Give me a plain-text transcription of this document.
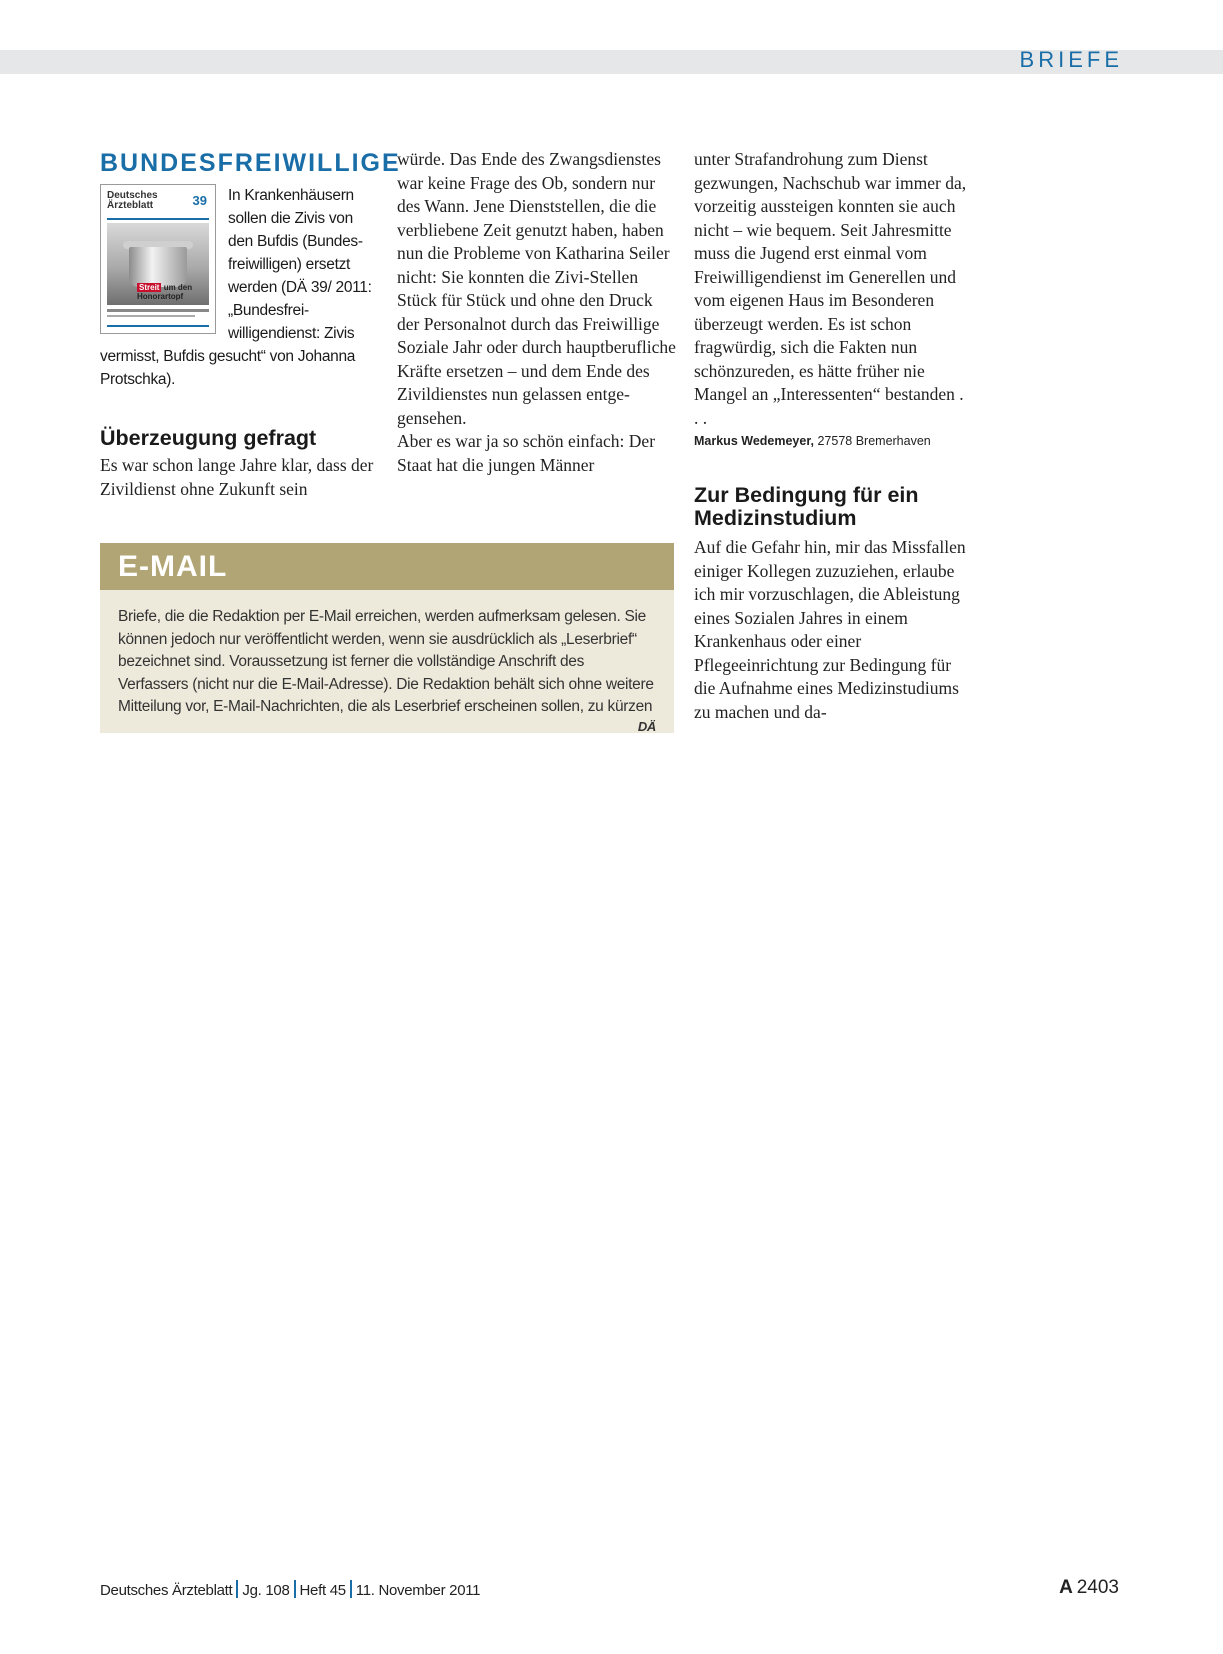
BRIEFE
BUNDESFREIWILLIGE
Deutsches Ärzteblatt	39
Streit um den Honorartopf

In Krankenhäusern sollen die Zivis von den Bufdis (Bundesfreiwilligen) ersetzt werden (DÄ 39/ 2011: „Bundesfreiwilligendienst: Zivis vermisst, Bufdis gesucht“ von Johanna Protschka).

Überzeugung gefragt

Es war schon lange Jahre klar, dass der Zivildienst ohne Zukunft sein

würde. Das Ende des Zwangsdienstes war keine Frage des Ob, sondern nur des Wann. Jene Dienststellen, die die verbliebene Zeit genutzt haben, haben nun die Probleme von Katharina Seiler nicht: Sie konnten die Zivi-Stellen Stück für Stück und ohne den Druck der Personalnot durch das Freiwillige Soziale Jahr oder durch hauptberufliche Kräfte ersetzen – und dem Ende des Zivildienstes nun gelassen entgegensehen.

Aber es war ja so schön einfach: Der Staat hat die jungen Männer

unter Strafandrohung zum Dienst gezwungen, Nachschub war immer da, vorzeitig aussteigen konnten sie auch nicht – wie bequem. Seit Jahresmitte muss die Jugend erst einmal vom Freiwilligendienst im Generellen und vom eigenen Haus im Besonderen überzeugt werden. Es ist schon fragwürdig, sich die Fakten nun schönzureden, es hätte früher nie Mangel an „Interessenten“ bestanden . . .

Markus Wedemeyer, 27578 Bremerhaven

Zur Bedingung für ein Medizinstudium

Auf die Gefahr hin, mir das Missfallen einiger Kollegen zuzuziehen, erlaube ich mir vorzuschlagen, die Ableistung eines Sozialen Jahres in einem Krankenhaus oder einer Pflegeeinrichtung zur Bedingung für die Aufnahme eines Medizinstudiums zu machen und da-

E-MAIL
Briefe, die die Redaktion per E-Mail erreichen, werden aufmerksam gelesen. Sie können jedoch nur veröffentlicht werden, wenn sie ausdrücklich als „Leserbrief“ bezeichnet sind. Voraussetzung ist ferner die vollständige Anschrift des Verfassers (nicht nur die E-Mail-Adresse). Die Redaktion behält sich ohne weitere Mitteilung vor, E-Mail-Nachrichten, die als Leserbrief erscheinen sollen, zu kürzen
DÄ
Deutsches Ärzteblatt Jg. 108 Heft 45 11. November 2011	A  2403
